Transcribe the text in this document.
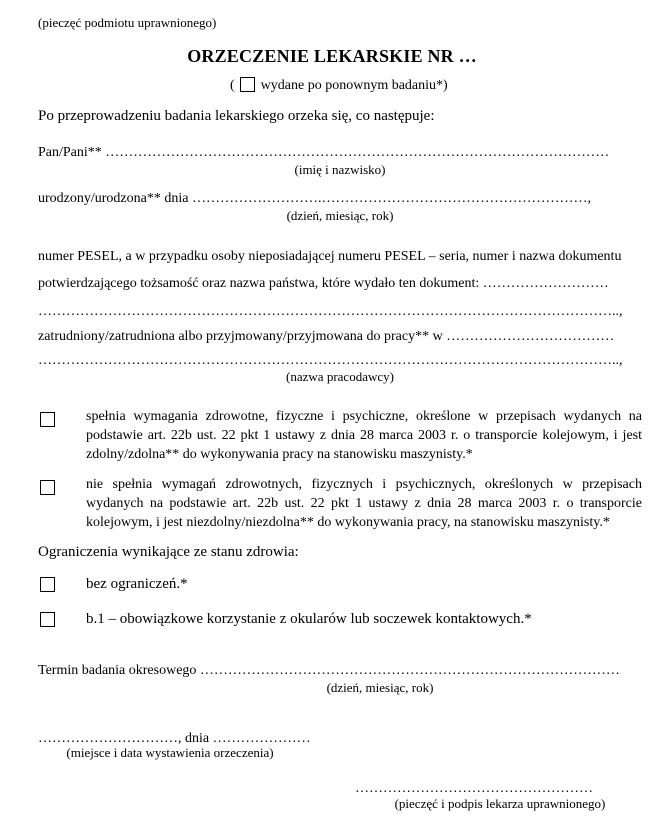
(pieczęć podmiotu uprawnionego)
ORZECZENIE LEKARSKIE NR …
( wydane po ponownym badaniu*)
Po przeprowadzeniu badania lekarskiego orzeka się, co następuje:
Pan/Pani** ………………………………………………………………………………………………
(imię i nazwisko)
urodzony/urodzona** dnia ……………………….…………………………………………………,
(dzień, miesiąc, rok)
numer PESEL, a w przypadku osoby nieposiadającej numeru PESEL – seria, numer i nazwa dokumentu
potwierdzającego tożsamość oraz nazwa państwa, które wydało ten dokument: ………………………
……………………………………………………………………………………………………………..,
zatrudniony/zatrudniona albo przyjmowany/przyjmowana do pracy** w ………………………………
……………………………………………………………………………………………………………..,
(nazwa pracodawcy)
spełnia wymagania zdrowotne, fizyczne i psychiczne, określone w przepisach wydanych na podstawie art. 22b ust. 22 pkt 1 ustawy z dnia 28 marca 2003 r. o transporcie kolejowym, i jest zdolny/zdolna** do wykonywania pracy na stanowisku maszynisty.*
nie spełnia wymagań zdrowotnych, fizycznych i psychicznych, określonych w przepisach wydanych na podstawie art. 22b ust. 22 pkt 1 ustawy z dnia 28 marca 2003 r. o transporcie kolejowym, i jest niezdolny/niezdolna** do wykonywania pracy, na stanowisku maszynisty.*
Ograniczenia wynikające ze stanu zdrowia:
bez ograniczeń.*
b.1 – obowiązkowe korzystanie z okularów lub soczewek kontaktowych.*
Termin badania okresowego ………………………………………………………………………………
(dzień, miesiąc, rok)
…………………………, dnia …………………
(miejsce i data wystawienia orzeczenia)
……………………………………………
(pieczęć i podpis lekarza uprawnionego)
